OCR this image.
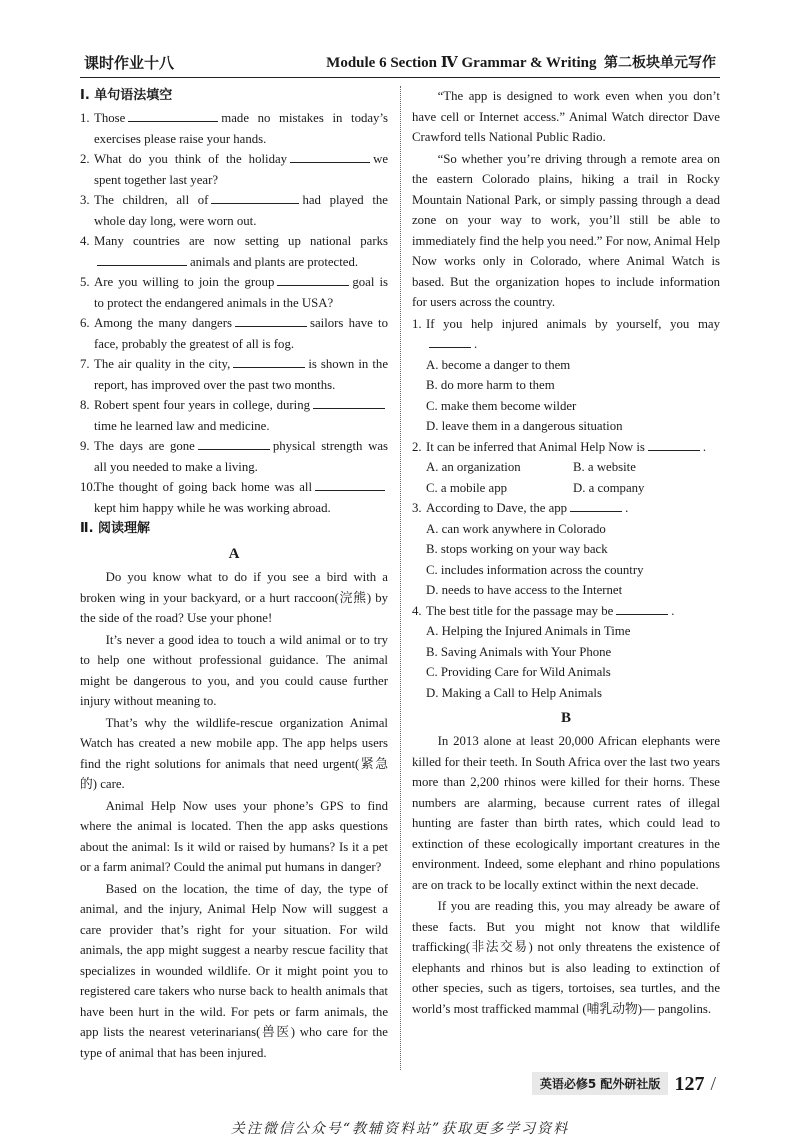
课时作业十八	Module 6 Section Ⅳ Grammar & Writing 第二板块单元写作
Ⅰ. 单句语法填空

1. Those	made no mistakes in today’s exercises please raise your hands.

2. What do you think of the holiday	we spent together last year?

3. The children, all of	had played the whole day long, were worn out.

4. Many countries are now setting up national parksanimals and plants are protected.

5. Are you willing to join the group	goal is to protect the endangered animals in the USA?

6. Among the many dangers	sailors have to face, probably the greatest of all is fog.

7. The air quality in the city,	is shown in the report, has improved over the past two months.

8. Robert spent four years in college, duringtime he learned law and medicine.

9. The days are gone	physical strength was all you needed to make a living.

10.The thought of going back home was allkept him happy while he was working abroad.

Ⅱ. 阅读理解
A

Do you know what to do if you see a bird with a broken wing in your backyard, or a hurt raccoon(浣熊) by the side of the road? Use your phone!

It’s never a good idea to touch a wild animal or to try to help one without professional guidance. The animal might be dangerous to you, and you could cause further injury without meaning to.

That’s why the wildlife-rescue organization Animal Watch has created a new mobile app. The app helps users find the right solutions for animals that need urgent(紧急的) care.

Animal Help Now uses your phone’s GPS to find where the animal is located. Then the app asks questions about the animal: Is it wild or raised by humans? Is it a pet or a farm animal? Could the animal put humans in danger?

Based on the location, the time of day, the type of animal, and the injury, Animal Help Now will suggest a care provider that’s right for your situation. For wild animals, the app might suggest a nearby rescue facility that specializes in wounded wildlife. Or it might point you to registered care takers who nurse back to health animals that have been hurt in the wild. For pets or farm animals, the app lists the nearest veterinarians(兽医) who care for the type of animal that has been injured.

“The app is designed to work even when you don’t have cell or Internet access.” Animal Watch director Dave Crawford tells National Public Radio.

“So whether you’re driving through a remote area on the eastern Colorado plains, hiking a trail in Rocky Mountain National Park, or simply passing through a dead zone on your way to work, you’ll still be able to immediately find the help you need.” For now, Animal Help Now works only in Colorado, where Animal Watch is based. But the organization hopes to include information for users across the country.

1. If you help injured animals by yourself, you may.

A. become a danger to them

B. do more harm to them

C. make them become wilder

D. leave them in a dangerous situation

2. It can be inferred that Animal Help Now is	.

A. an organization	B. a website
C. a mobile app	D. a company

3. According to Dave, the app	.

A. can work anywhere in Colorado

B. stops working on your way back

C. includes information across the country

D. needs to have access to the Internet

4. The best title for the passage may be	.

A. Helping the Injured Animals in Time

B. Saving Animals with Your Phone

C. Providing Care for Wild Animals

D. Making a Call to Help Animals

B

In 2013 alone at least 20,000 African elephants were killed for their teeth. In South Africa over the last two years more than 2,200 rhinos were killed for their horns. These numbers are alarming, because current rates of illegal hunting are faster than birth rates, which could lead to extinction of these ecologically important creatures in the environment. Indeed, some elephant and rhino populations are on track to be locally extinct within the next decade.

If you are reading this, you may already be aware of these facts. But you might not know that wildlife trafficking(非法交易) not only threatens the existence of elephants and rhinos but is also leading to extinction of other species, such as tigers, tortoises, sea turtles, and the world’s most trafficked mammal (哺乳动物)— pangolins.

英语必修5 配外研社版 127 /
关注微信公众号“教辅资料站”获取更多学习资料
